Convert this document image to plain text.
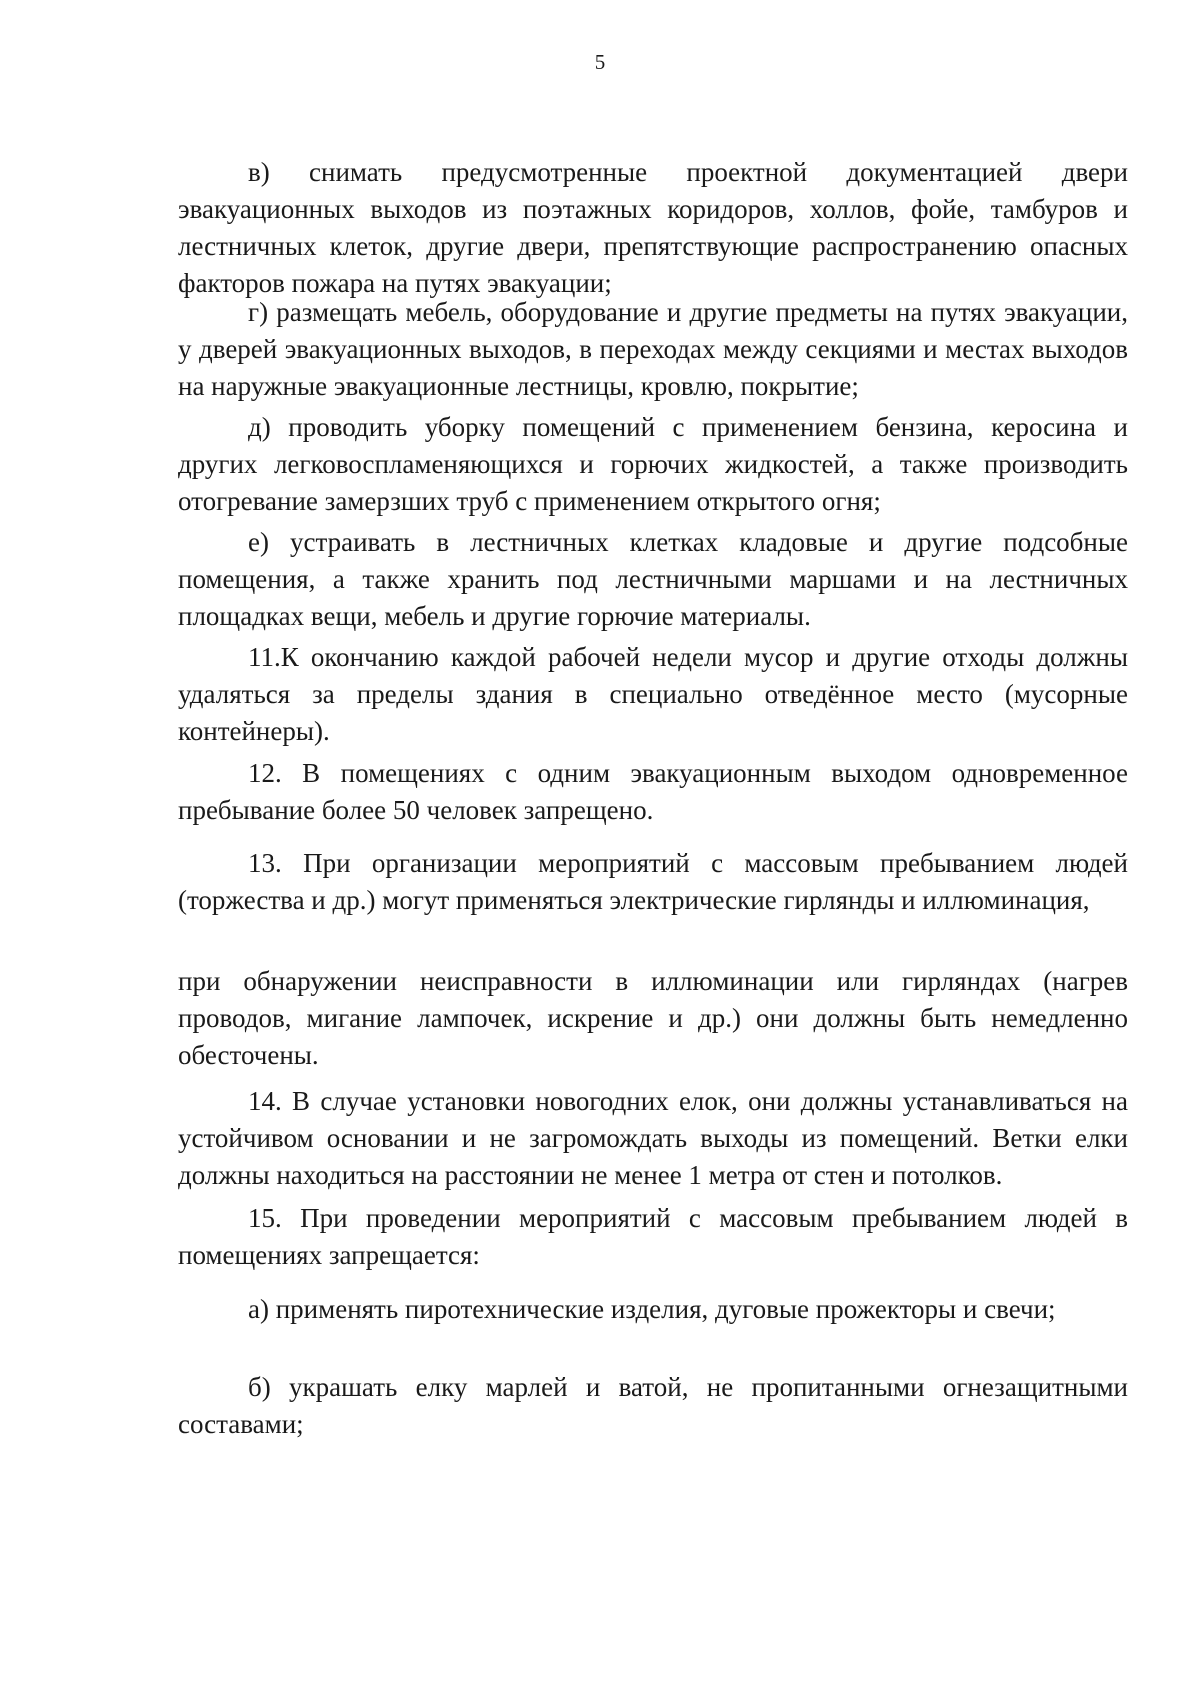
5

в) снимать предусмотренные проектной документацией двери эвакуационных выходов из поэтажных коридоров, холлов, фойе, тамбуров и лестничных клеток, другие двери, препятствующие распространению опасных факторов пожара на путях эвакуации;

г) размещать мебель, оборудование и другие предметы на путях эвакуации, у дверей эвакуационных выходов, в переходах между секциями и местах выходов на наружные эвакуационные лестницы, кровлю, покрытие;

д) проводить уборку помещений с применением бензина, керосина и других легковоспламеняющихся и горючих жидкостей, а также производить отогревание замерзших труб с применением открытого огня;

е) устраивать в лестничных клетках кладовые и другие подсобные помещения, а также хранить под лестничными маршами и на лестничных площадках вещи, мебель и другие горючие материалы.

11.К окончанию каждой рабочей недели мусор и другие отходы должны удаляться за пределы здания в специально отведённое место (мусорные контейнеры).

12. В помещениях с одним эвакуационным выходом одновременное пребывание более 50 человек запрещено.

13. При организации мероприятий с массовым пребыванием людей (торжества и др.) могут применяться электрические гирлянды и иллюминация,

при обнаружении неисправности в иллюминации или гирляндах (нагрев проводов, мигание лампочек, искрение и др.) они должны быть немедленно обесточены.

14. В случае установки новогодних елок, они должны устанавливаться на устойчивом основании и не загромождать выходы из помещений. Ветки елки должны находиться на расстоянии не менее 1 метра от стен и потолков.

15. При проведении мероприятий с массовым пребыванием людей в помещениях запрещается:

а) применять пиротехнические изделия, дуговые прожекторы и свечи;

б) украшать елку марлей и ватой, не пропитанными огнезащитными составами;
